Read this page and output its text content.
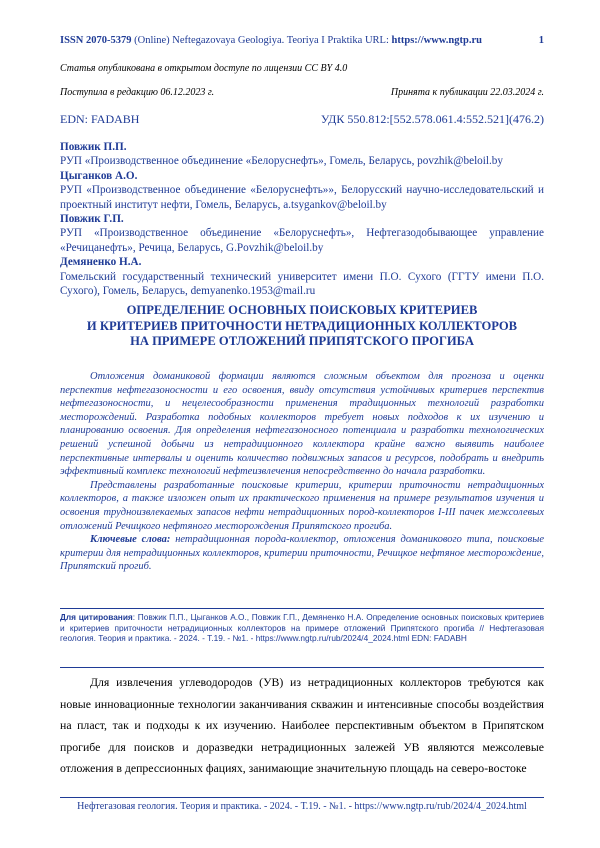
ISSN 2070-5379 (Online) Neftegazovaya Geologiya. Teoriya I Praktika URL: https://www.ngtp.ru	1
Статья опубликована в открытом доступе по лицензии CC BY 4.0
Поступила в редакцию 06.12.2023 г.	Принята к публикации 22.03.2024 г.
EDN: FADABH	УДК 550.812:[552.578.061.4:552.521](476.2)
Повжик П.П.
РУП «Производственное объединение «Белоруснефть», Гомель, Беларусь, povzhik@beloil.by
Цыганков А.О.
РУП «Производственное объединение «Белоруснефть»», Белорусский научно-исследовательский и проектный институт нефти, Гомель, Беларусь, a.tsygankov@beloil.by
Повжик Г.П.
РУП «Производственное объединение «Белоруснефть», Нефтегазодобывающее управление «Речицанефть», Речица, Беларусь, G.Povzhik@beloil.by
Демяненко Н.А.
Гомельский государственный технический университет имени П.О. Сухого (ГГТУ имени П.О. Сухого), Гомель, Беларусь, demyanenko.1953@mail.ru
ОПРЕДЕЛЕНИЕ ОСНОВНЫХ ПОИСКОВЫХ КРИТЕРИЕВ
И КРИТЕРИЕВ ПРИТОЧНОСТИ НЕТРАДИЦИОННЫХ КОЛЛЕКТОРОВ
НА ПРИМЕРЕ ОТЛОЖЕНИЙ ПРИПЯТСКОГО ПРОГИБА

Отложения доманиковой формации являются сложным объектом для прогноза и оценки перспектив нефтегазоносности и его освоения, ввиду отсутствия устойчивых критериев перспектив нефтегазоносности, и нецелесообразности применения традиционных технологий разработки месторождений. Разработка подобных коллекторов требует новых подходов к их изучению и планированию освоения. Для определения нефтегазоносного потенциала и разработки технологических решений успешной добычи из нетрадиционного коллектора крайне важно выявить наиболее перспективные интервалы и оценить количество подвижных запасов и ресурсов, подобрать и внедрить эффективный комплекс технологий нефтеизвлечения непосредственно до начала разработки.

Представлены разработанные поисковые критерии, критерии приточности нетрадиционных коллекторов, а также изложен опыт их практического применения на примере результатов изучения и освоения трудноизвлекаемых запасов нефти нетрадиционных пород-коллекторов I-III пачек межсолевых отложений Речицкого нефтяного месторождения Припятского прогиба.

Ключевые слова: нетрадиционная порода-коллектор, отложения доманикового типа, поисковые критерии для нетрадиционных коллекторов, критерии приточности, Речицкое нефтяное месторождение, Припятский прогиб.

Для цитирования: Повжик П.П., Цыганков А.О., Повжик Г.П., Демяненко Н.А. Определение основных поисковых критериев и критериев приточности нетрадиционных коллекторов на примере отложений Припятского прогиба // Нефтегазовая геология. Теория и практика. - 2024. - Т.19. - №1. - https://www.ngtp.ru/rub/2024/4_2024.html EDN: FADABH

Для извлечения углеводородов (УВ) из нетрадиционных коллекторов требуются как новые инновационные технологии заканчивания скважин и интенсивные способы воздействия на пласт, так и подходы к их изучению. Наиболее перспективным объектом в Припятском прогибе для поисков и доразведки нетрадиционных залежей УВ являются межсолевые отложения в депрессионных фациях, занимающие значительную площадь на северо-востоке

Нефтегазовая геология. Теория и практика. - 2024. - Т.19. - №1. - https://www.ngtp.ru/rub/2024/4_2024.html
